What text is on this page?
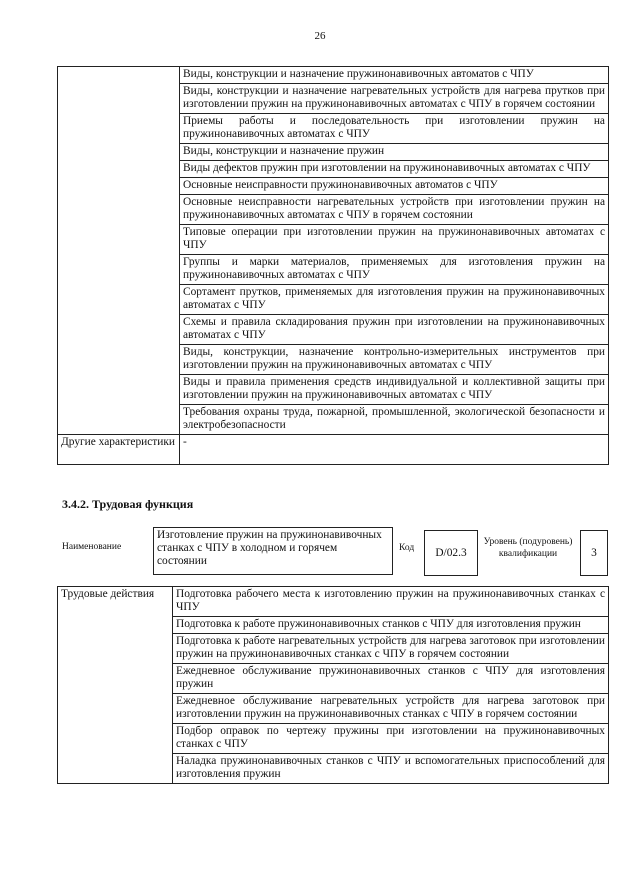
26
	Виды, конструкции и назначение пружинонавивочных автоматов с ЧПУ
	Виды, конструкции и назначение нагревательных устройств для нагрева прутков при изготовлении пружин на пружинонавивочных автоматах с ЧПУ в горячем состоянии
	Приемы работы и последовательность при изготовлении пружин на пружинонавивочных автоматах с ЧПУ
	Виды, конструкции и назначение пружин
	Виды дефектов пружин при изготовлении на пружинонавивочных автоматах с ЧПУ
	Основные неисправности пружинонавивочных автоматов с ЧПУ
	Основные неисправности нагревательных устройств при изготовлении пружин на пружинонавивочных автоматах с ЧПУ в горячем состоянии
	Типовые операции при изготовлении пружин на пружинонавивочных автоматах с ЧПУ
	Группы и марки материалов, применяемых для изготовления пружин на пружинонавивочных автоматах с ЧПУ
	Сортамент прутков, применяемых для изготовления пружин на пружинонавивочных автоматах с ЧПУ
	Схемы и правила складирования пружин при изготовлении на пружинонавивочных автоматах с ЧПУ
	Виды, конструкции, назначение контрольно-измерительных инструментов при изготовлении пружин на пружинонавивочных автоматах с ЧПУ
	Виды и правила применения средств индивидуальной и коллективной защиты при изготовлении пружин на пружинонавивочных автоматах с ЧПУ
	Требования охраны труда, пожарной, промышленной, экологической безопасности и электробезопасности
Другие характеристики	-
3.4.2. Трудовая функция
Наименование
Изготовление пружин на пружинонавивочных станках с ЧПУ в холодном и горячем состоянии
Код D/02.3
Уровень (подуровень) квалификации	3
Трудовые действия	Подготовка рабочего места к изготовлению пружин на пружинонавивочных станках с ЧПУ
Подготовка к работе пружинонавивочных станков с ЧПУ для изготовления пружин
Подготовка к работе нагревательных устройств для нагрева заготовок при изготовлении пружин на пружинонавивочных станках с ЧПУ в горячем состоянии
Ежедневное обслуживание пружинонавивочных станков с ЧПУ для изготовления пружин
Ежедневное обслуживание нагревательных устройств для нагрева заготовок при изготовлении пружин на пружинонавивочных станках с ЧПУ в горячем состоянии
Подбор оправок по чертежу пружины при изготовлении на пружинонавивочных станках с ЧПУ
Наладка пружинонавивочных станков с ЧПУ и вспомогательных приспособлений для изготовления пружин
